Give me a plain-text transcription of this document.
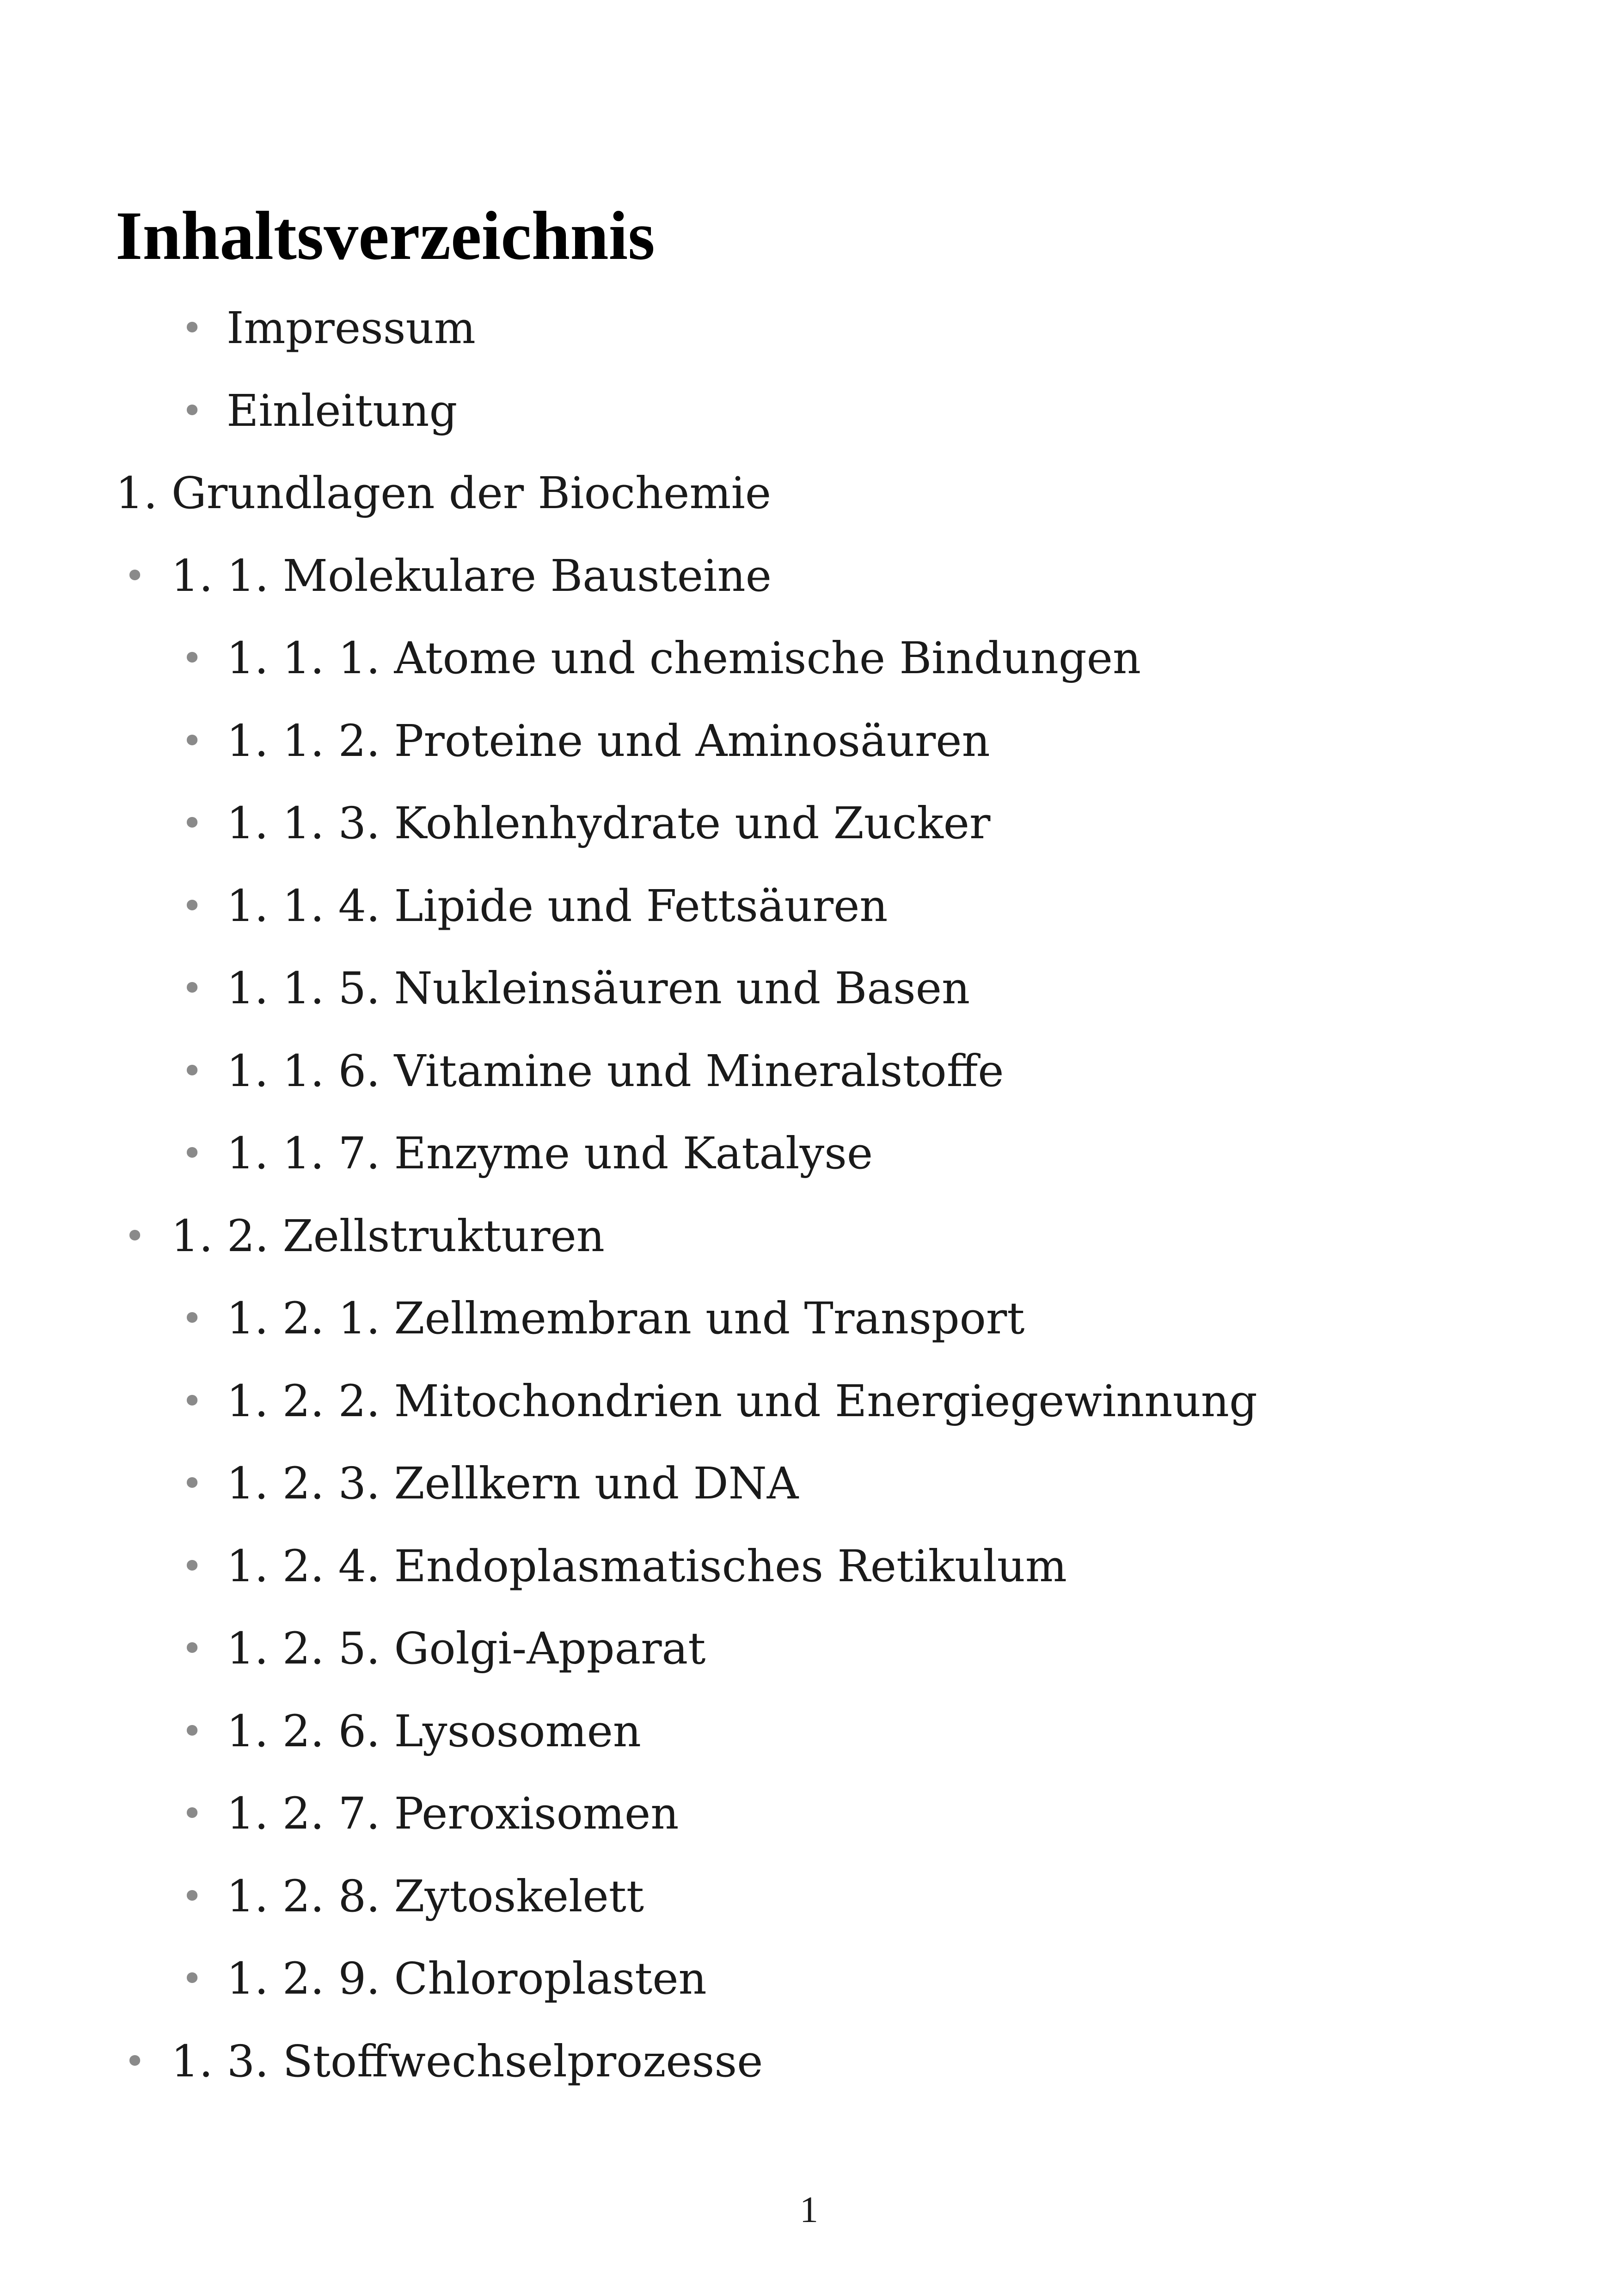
Inhaltsverzeichnis
• Impressum
• Einleitung
1. Grundlagen der Biochemie
• 1. 1. Molekulare Bausteine
• 1. 1. 1. Atome und chemische Bindungen
• 1. 1. 2. Proteine und Aminosäuren
• 1. 1. 3. Kohlenhydrate und Zucker
• 1. 1. 4. Lipide und Fettsäuren
• 1. 1. 5. Nukleinsäuren und Basen
• 1. 1. 6. Vitamine und Mineralstoffe
• 1. 1. 7. Enzyme und Katalyse
• 1. 2. Zellstrukturen
• 1. 2. 1. Zellmembran und Transport
• 1. 2. 2. Mitochondrien und Energiegewinnung
• 1. 2. 3. Zellkern und DNA
• 1. 2. 4. Endoplasmatisches Retikulum
• 1. 2. 5. Golgi-Apparat
• 1. 2. 6. Lysosomen
• 1. 2. 7. Peroxisomen
• 1. 2. 8. Zytoskelett
• 1. 2. 9. Chloroplasten
• 1. 3. Stoffwechselprozesse
1
